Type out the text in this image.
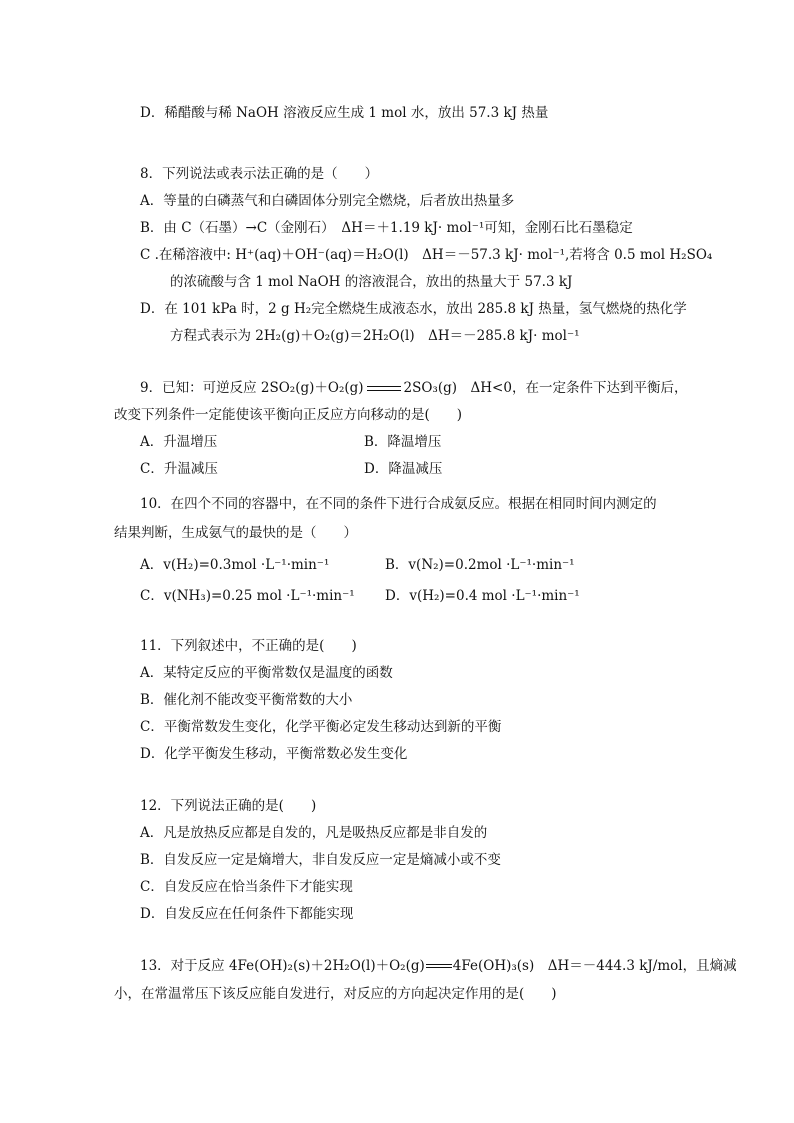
D．稀醋酸与稀 NaOH 溶液反应生成 1 mol 水，放出 57.3 kJ 热量
8．下列说法或表示法正确的是（　　）
A．等量的白磷蒸气和白磷固体分别完全燃烧，后者放出热量多
B．由 C（石墨）→C（金刚石）　ΔH＝＋1.19 kJ· mol⁻¹可知，金刚石比石墨稳定
C .在稀溶液中: H⁺(aq)＋OH⁻(aq)＝H₂O(l)　ΔH＝－57.3 kJ· mol⁻¹,若将含 0.5 mol H₂SO₄
的浓硫酸与含 1 mol NaOH 的溶液混合，放出的热量大于 57.3 kJ
D．在 101 kPa 时，2 g H₂完全燃烧生成液态水，放出 285.8 kJ 热量，氢气燃烧的热化学
方程式表示为 2H₂(g)＋O₂(g)＝2H₂O(l)　ΔH＝－285.8 kJ· mol⁻¹
9．已知：可逆反应 2SO₂(g)＋O₂(g)	2SO₃(g)　ΔH<0，在一定条件下达到平衡后，
改变下列条件一定能使该平衡向正反应方向移动的是(　　)
A．升温增压	B．降温增压
C．升温减压	D．降温减压
10．在四个不同的容器中，在不同的条件下进行合成氨反应。根据在相同时间内测定的
结果判断，生成氨气的最快的是（　　）
A．v(H₂)=0.3mol ·L⁻¹·min⁻¹	B．v(N₂)=0.2mol ·L⁻¹·min⁻¹
C．v(NH₃)=0.25 mol ·L⁻¹·min⁻¹ D．v(H₂)=0.4 mol ·L⁻¹·min⁻¹
11．下列叙述中，不正确的是(　　)
A．某特定反应的平衡常数仅是温度的函数
B．催化剂不能改变平衡常数的大小
C．平衡常数发生变化，化学平衡必定发生移动达到新的平衡
D．化学平衡发生移动，平衡常数必发生变化
12．下列说法正确的是(　　)
A．凡是放热反应都是自发的，凡是吸热反应都是非自发的
B．自发反应一定是熵增大，非自发反应一定是熵减小或不变
C．自发反应在恰当条件下才能实现
D．自发反应在任何条件下都能实现
13．对于反应 4Fe(OH)₂(s)＋2H₂O(l)＋O₂(g) 4Fe(OH)₃(s)　ΔH＝－444.3 kJ/mol，且熵减
小，在常温常压下该反应能自发进行，对反应的方向起决定作用的是(　　)
